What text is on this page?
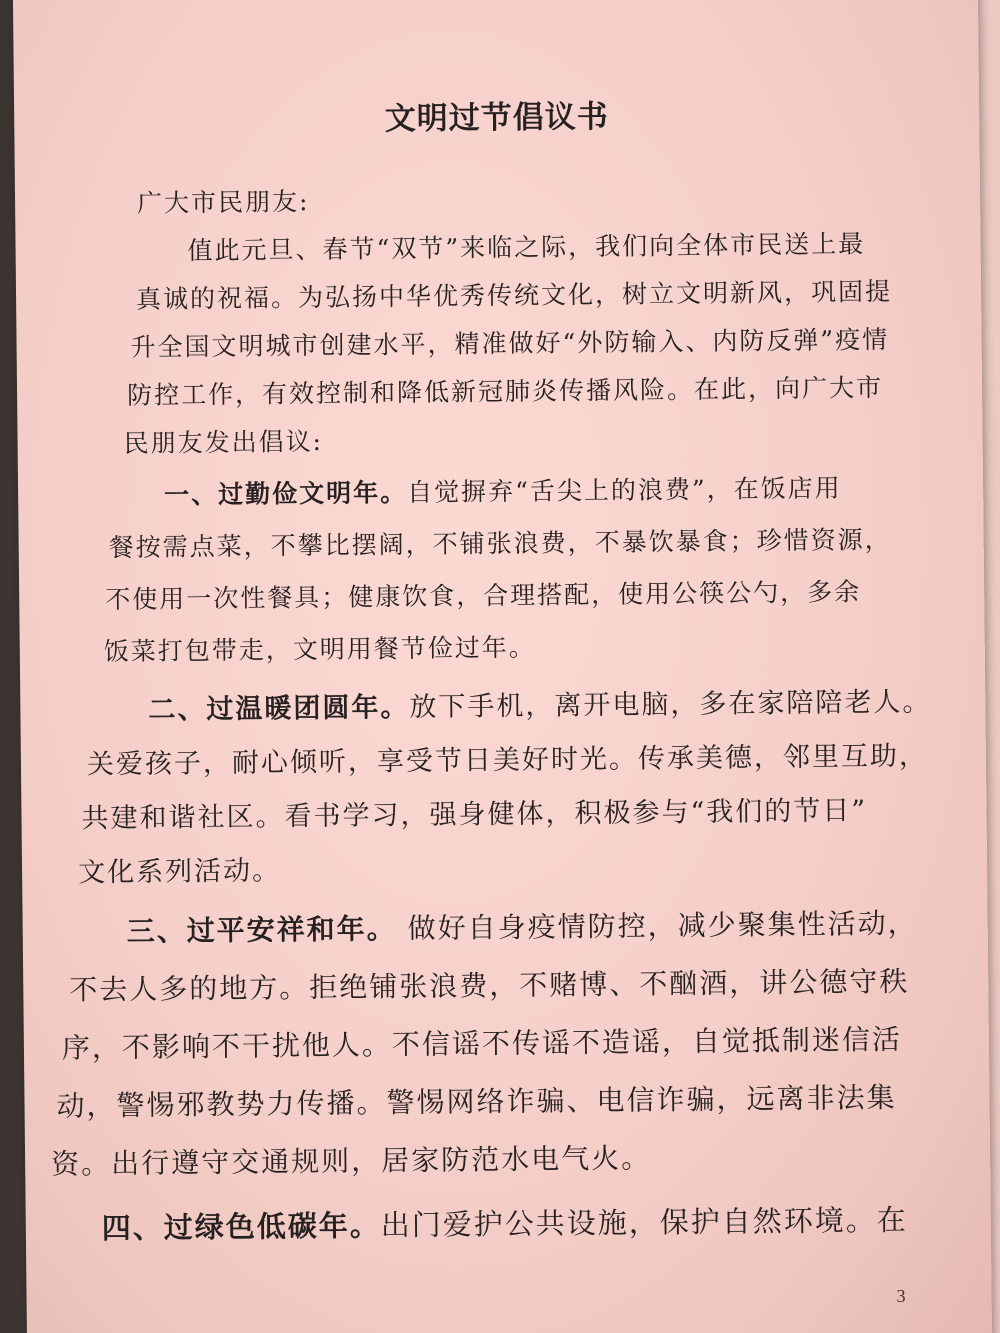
文明过节倡议书
广大市民朋友:
值此元旦、春节“双节”来临之际，我们向全体市民送上最
真诚的祝福。为弘扬中华优秀传统文化，树立文明新风，巩固提
升全国文明城市创建水平，精准做好“外防输入、内防反弹”疫情
防控工作，有效控制和降低新冠肺炎传播风险。在此，向广大市
民朋友发出倡议:
一、过勤俭文明年。自觉摒弃“舌尖上的浪费”，在饭店用
餐按需点菜，不攀比摆阔，不铺张浪费，不暴饮暴食；珍惜资源，
不使用一次性餐具；健康饮食，合理搭配，使用公筷公勺，多余
饭菜打包带走，文明用餐节俭过年。
二、过温暖团圆年。放下手机，离开电脑，多在家陪陪老人。
关爱孩子，耐心倾听，享受节日美好时光。传承美德，邻里互助，
共建和谐社区。看书学习，强身健体，积极参与“我们的节日”
文化系列活动。
三、过平安祥和年。 做好自身疫情防控，减少聚集性活动，
不去人多的地方。拒绝铺张浪费，不赌博、不酗酒，讲公德守秩
序，不影响不干扰他人。不信谣不传谣不造谣，自觉抵制迷信活
动，警惕邪教势力传播。警惕网络诈骗、电信诈骗，远离非法集
资。出行遵守交通规则，居家防范水电气火。
四、过绿色低碳年。出门爱护公共设施，保护自然环境。在
3
